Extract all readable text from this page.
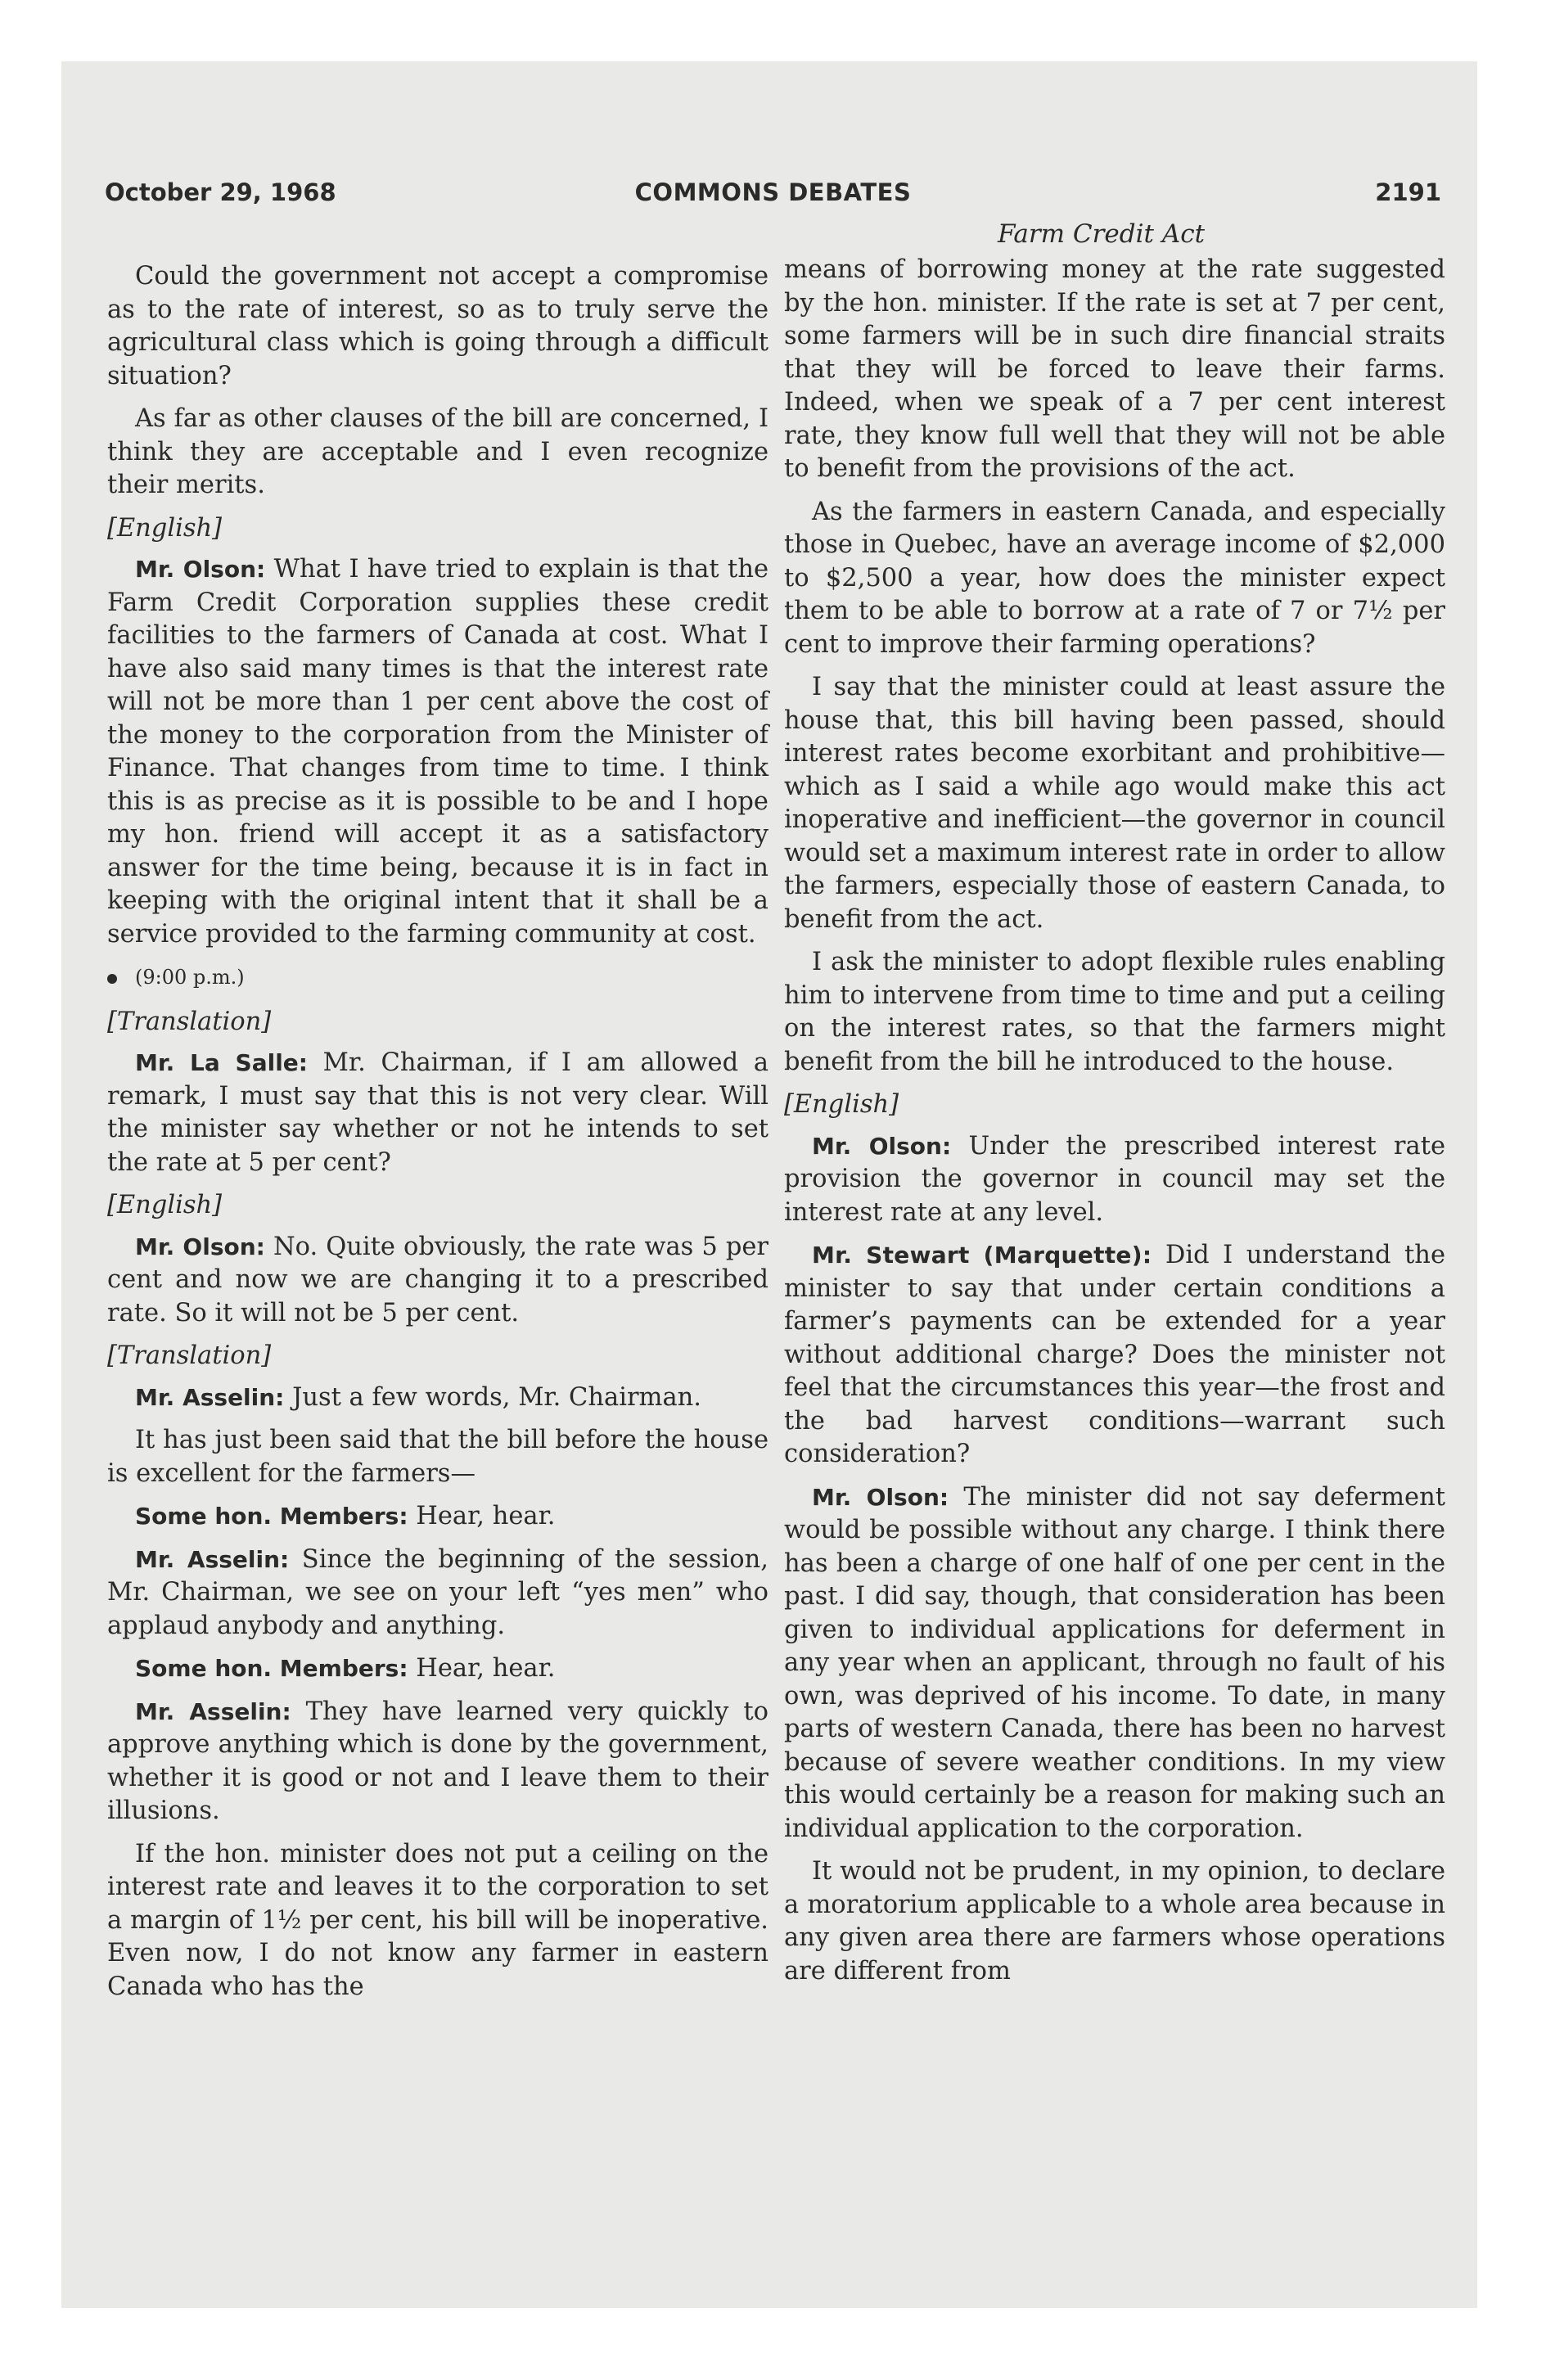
October 29, 1968	COMMONS DEBATES	2191
Farm Credit Act

Could the government not accept a compromise as to the rate of interest, so as to truly serve the agricultural class which is going through a difficult situation?

As far as other clauses of the bill are concerned, I think they are acceptable and I even recognize their merits.

[English]

Mr. Olson: What I have tried to explain is that the Farm Credit Corporation supplies these credit facilities to the farmers of Canada at cost. What I have also said many times is that the interest rate will not be more than 1 per cent above the cost of the money to the corporation from the Minister of Finance. That changes from time to time. I think this is as precise as it is possible to be and I hope my hon. friend will accept it as a satisfactory answer for the time being, because it is in fact in keeping with the original intent that it shall be a service provided to the farming community at cost.

(9:00 p.m.)

[Translation]

Mr. La Salle: Mr. Chairman, if I am allowed a remark, I must say that this is not very clear. Will the minister say whether or not he intends to set the rate at 5 per cent?

[English]

Mr. Olson: No. Quite obviously, the rate was 5 per cent and now we are changing it to a prescribed rate. So it will not be 5 per cent.

[Translation]

Mr. Asselin: Just a few words, Mr. Chairman.

It has just been said that the bill before the house is excellent for the farmers—

Some hon. Members: Hear, hear.

Mr. Asselin: Since the beginning of the session, Mr. Chairman, we see on your left “yes men” who applaud anybody and anything.

Some hon. Members: Hear, hear.

Mr. Asselin: They have learned very quickly to approve anything which is done by the government, whether it is good or not and I leave them to their illusions.

If the hon. minister does not put a ceiling on the interest rate and leaves it to the corporation to set a margin of 1½ per cent, his bill will be inoperative. Even now, I do not know any farmer in eastern Canada who has the

means of borrowing money at the rate suggested by the hon. minister. If the rate is set at 7 per cent, some farmers will be in such dire financial straits that they will be forced to leave their farms. Indeed, when we speak of a 7 per cent interest rate, they know full well that they will not be able to benefit from the provisions of the act.

As the farmers in eastern Canada, and especially those in Quebec, have an average income of $2,000 to $2,500 a year, how does the minister expect them to be able to borrow at a rate of 7 or 7½ per cent to improve their farming operations?

I say that the minister could at least assure the house that, this bill having been passed, should interest rates become exorbitant and prohibitive—which as I said a while ago would make this act inoperative and inefficient—the governor in council would set a maximum interest rate in order to allow the farmers, especially those of eastern Canada, to benefit from the act.

I ask the minister to adopt flexible rules enabling him to intervene from time to time and put a ceiling on the interest rates, so that the farmers might benefit from the bill he introduced to the house.

[English]

Mr. Olson: Under the prescribed interest rate provision the governor in council may set the interest rate at any level.

Mr. Stewart (Marquette): Did I understand the minister to say that under certain conditions a farmer’s payments can be extended for a year without additional charge? Does the minister not feel that the circumstances this year—the frost and the bad harvest conditions—warrant such consideration?

Mr. Olson: The minister did not say deferment would be possible without any charge. I think there has been a charge of one half of one per cent in the past. I did say, though, that consideration has been given to individual applications for deferment in any year when an applicant, through no fault of his own, was deprived of his income. To date, in many parts of western Canada, there has been no harvest because of severe weather conditions. In my view this would certainly be a reason for making such an individual application to the corporation.

It would not be prudent, in my opinion, to declare a moratorium applicable to a whole area because in any given area there are farmers whose operations are different from
